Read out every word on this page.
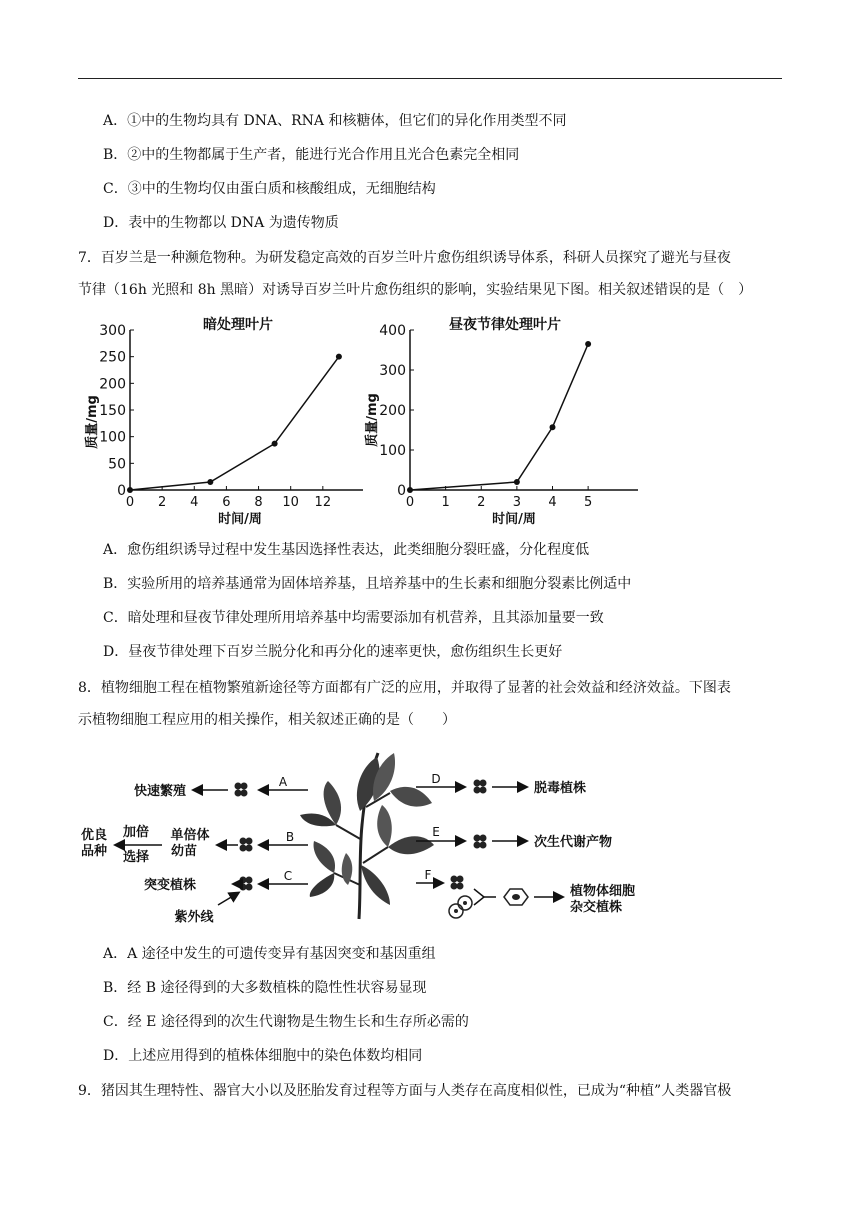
A．①中的生物均具有 DNA、RNA 和核糖体，但它们的异化作用类型不同
B．②中的生物都属于生产者，能进行光合作用且光合色素完全相同
C．③中的生物均仅由蛋白质和核酸组成，无细胞结构
D．表中的生物都以 DNA 为遗传物质
7．百岁兰是一种濒危物种。为研发稳定高效的百岁兰叶片愈伤组织诱导体系，科研人员探究了避光与昼夜
节律（16h 光照和 8h 黑暗）对诱导百岁兰叶片愈伤组织的影响，实验结果见下图。相关叙述错误的是（　）
暗处理叶片
质量/mg
时间/周
0
50
100
150
200
250
300
0 2 4 6 8 10 12
昼夜节律处理叶片
质量/mg
时间/周
0
100
200
300
400
0 1 2 3 4 5
A．愈伤组织诱导过程中发生基因选择性表达，此类细胞分裂旺盛，分化程度低
B．实验所用的培养基通常为固体培养基，且培养基中的生长素和细胞分裂素比例适中
C．暗处理和昼夜节律处理所用培养基中均需要添加有机营养，且其添加量要一致
D．昼夜节律处理下百岁兰脱分化和再分化的速率更快，愈伤组织生长更好
8．植物细胞工程在植物繁殖新途径等方面都有广泛的应用，并取得了显著的社会效益和经济效益。下图表
示植物细胞工程应用的相关操作，相关叙述正确的是（　　）
A
快速繁殖
B
单倍体
幼苗
加倍
选择
优良
品种
C
突变植株
紫外线
D
脱毒植株
E
次生代谢产物
F
植物体细胞
杂交植株
A．A 途径中发生的可遗传变异有基因突变和基因重组
B．经 B 途径得到的大多数植株的隐性性状容易显现
C．经 E 途径得到的次生代谢物是生物生长和生存所必需的
D．上述应用得到的植株体细胞中的染色体数均相同
9．猪因其生理特性、器官大小以及胚胎发育过程等方面与人类存在高度相似性，已成为“种植”人类器官极
